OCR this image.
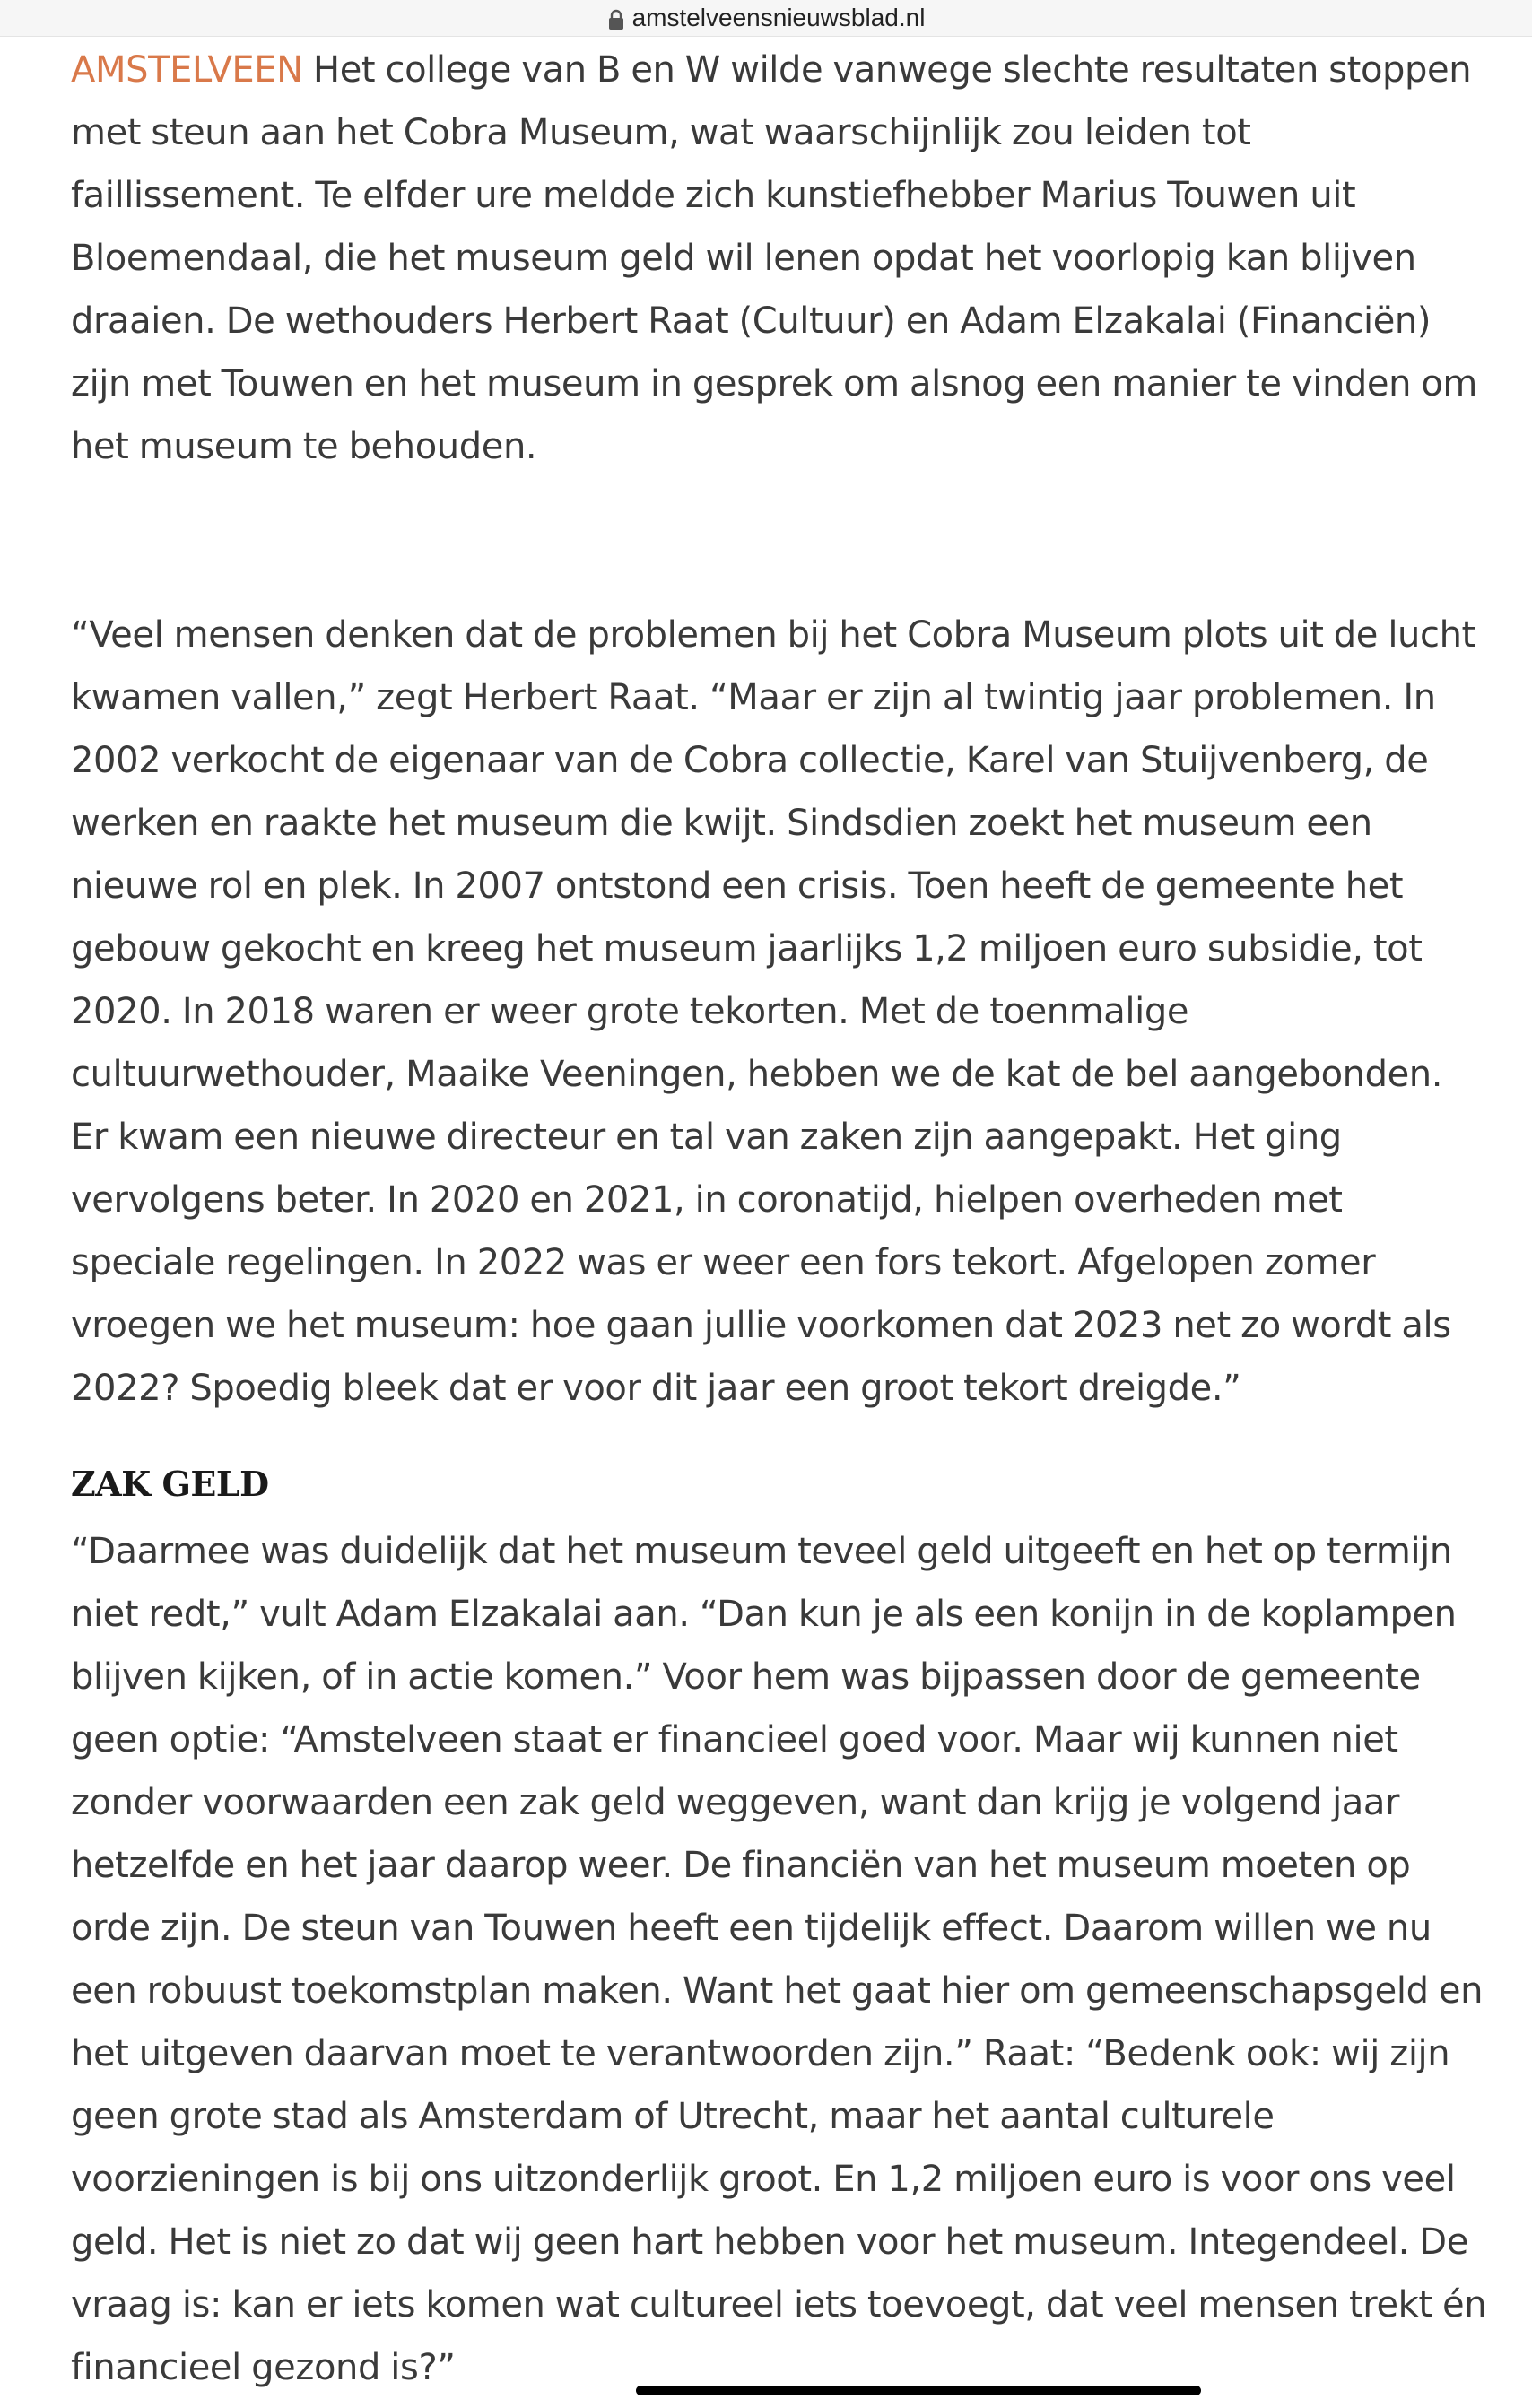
amstelveensnieuwsblad.nl

AMSTELVEEN Het college van B en W wilde vanwege slechte resultaten stoppen met steun aan het Cobra Museum, wat waarschijnlijk zou leiden tot faillissement. Te elfder ure meldde zich kunstiefhebber Marius Touwen uit Bloemendaal, die het museum geld wil lenen opdat het voorlopig kan blijven draaien. De wethouders Herbert Raat (Cultuur) en Adam Elzakalai (Financiën) zijn met Touwen en het museum in gesprek om alsnog een manier te vinden om het museum te behouden.

“Veel mensen denken dat de problemen bij het Cobra Museum plots uit de lucht kwamen vallen,” zegt Herbert Raat. “Maar er zijn al twintig jaar problemen. In 2002 verkocht de eigenaar van de Cobra collectie, Karel van Stuijvenberg, de werken en raakte het museum die kwijt. Sindsdien zoekt het museum een nieuwe rol en plek. In 2007 ontstond een crisis. Toen heeft de gemeente het gebouw gekocht en kreeg het museum jaarlijks 1,2 miljoen euro subsidie, tot 2020. In 2018 waren er weer grote tekorten. Met de toenmalige cultuurwethouder, Maaike Veeningen, hebben we de kat de bel aangebonden. Er kwam een nieuwe directeur en tal van zaken zijn aangepakt. Het ging vervolgens beter. In 2020 en 2021, in coronatijd, hielpen overheden met speciale regelingen. In 2022 was er weer een fors tekort. Afgelopen zomer vroegen we het museum: hoe gaan jullie voorkomen dat 2023 net zo wordt als 2022? Spoedig bleek dat er voor dit jaar een groot tekort dreigde.”

ZAK GELD

“Daarmee was duidelijk dat het museum teveel geld uitgeeft en het op termijn niet redt,” vult Adam Elzakalai aan. “Dan kun je als een konijn in de koplampen blijven kijken, of in actie komen.” Voor hem was bijpassen door de gemeente geen optie: “Amstelveen staat er financieel goed voor. Maar wij kunnen niet zonder voorwaarden een zak geld weggeven, want dan krijg je volgend jaar hetzelfde en het jaar daarop weer. De financiën van het museum moeten op orde zijn. De steun van Touwen heeft een tijdelijk effect. Daarom willen we nu een robuust toekomstplan maken. Want het gaat hier om gemeenschapsgeld en het uitgeven daarvan moet te verantwoorden zijn.” Raat: “Bedenk ook: wij zijn geen grote stad als Amsterdam of Utrecht, maar het aantal culturele voorzieningen is bij ons uitzonderlijk groot. En 1,2 miljoen euro is voor ons veel geld. Het is niet zo dat wij geen hart hebben voor het museum. Integendeel. De vraag is: kan er iets komen wat cultureel iets toevoegt, dat veel mensen trekt én financieel gezond is?”
